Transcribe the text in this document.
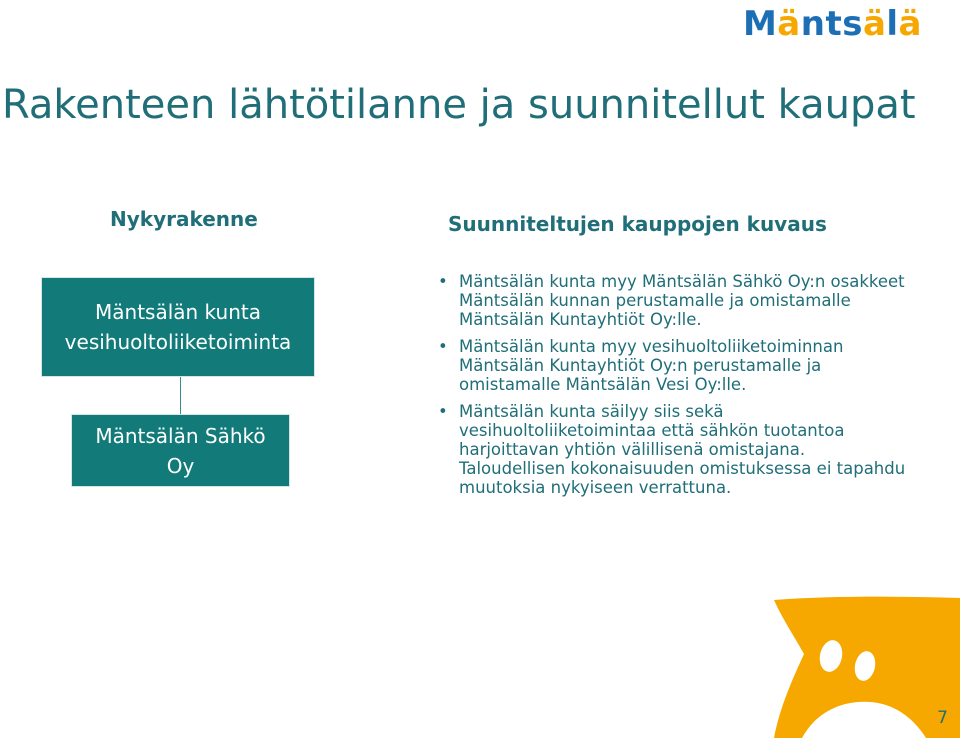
Mäntsälä
Rakenteen lähtötilanne ja suunnitellut kaupat
Nykyrakenne
Mäntsälän kunta
vesihuoltoliiketoiminta
Mäntsälän Sähkö
Oy
Suunniteltujen kauppojen kuvaus
• Mäntsälän kunta myy Mäntsälän Sähkö Oy:n osakkeet Mäntsälän kunnan perustamalle ja omistamalle Mäntsälän Kuntayhtiöt Oy:lle.
• Mäntsälän kunta myy vesihuoltoliiketoiminnan Mäntsälän Kuntayhtiöt Oy:n perustamalle ja omistamalle Mäntsälän Vesi Oy:lle.
• Mäntsälän kunta säilyy siis sekä vesihuoltoliiketoimintaa että sähkön tuotantoa harjoittavan yhtiön välillisenä omistajana. Taloudellisen kokonaisuuden omistuksessa ei tapahdu muutoksia nykyiseen verrattuna.
7
